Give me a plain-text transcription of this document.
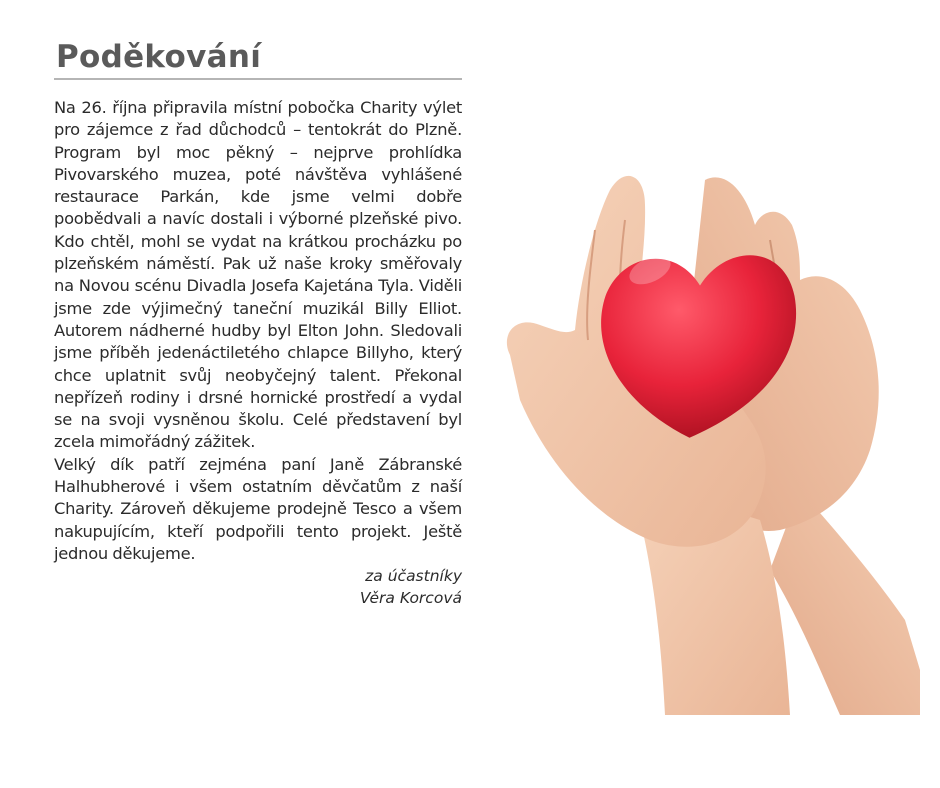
Poděkování

Na 26. října připravila místní pobočka Charity výlet pro zájemce z řad důchodců – tentokrát do Plzně. Program byl moc pěkný – nejprve prohlídka Pivovarského muzea, poté návštěva vyhlášené restaurace Parkán, kde jsme velmi dobře poobědvali a navíc dostali i výborné plzeňské pivo. Kdo chtěl, mohl se vydat na krátkou procházku po plzeňském náměstí. Pak už naše kroky směřovaly na Novou scénu Divadla Josefa Kajetána Tyla. Viděli jsme zde výjimečný taneční muzikál Billy Elliot. Autorem nádherné hudby byl Elton John. Sledovali jsme příběh jedenáctiletého chlapce Billyho, který chce uplatnit svůj neobyčejný talent. Překonal nepřízeň rodiny i drsné hornické prostředí a vydal se na svoji vysněnou školu. Celé představení byl zcela mimořádný zážitek.

Velký dík patří zejména paní Janě Zábranské Halhubherové i všem ostatním děvčatům z naší Charity. Zároveň děkujeme prodejně Tesco a všem nakupujícím, kteří podpořili tento projekt. Ještě jednou děkujeme.

za účastníky
Věra Korcová
